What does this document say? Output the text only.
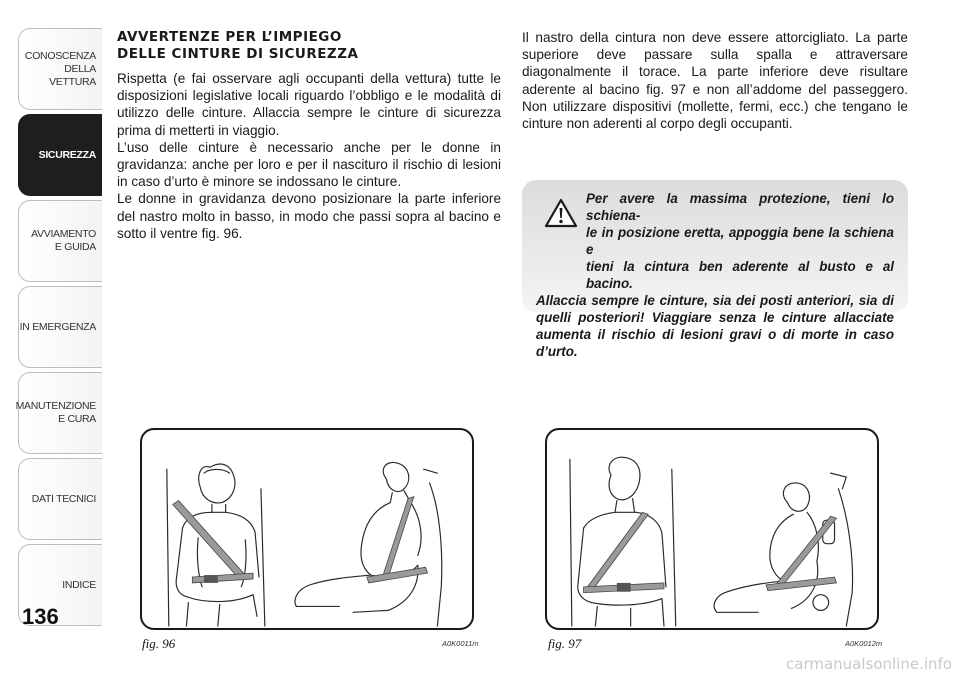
CONOSCENZA
DELLA
VETTURA
SICUREZZA
AVVIAMENTO
E GUIDA
IN EMERGENZA
MANUTENZIONE
E CURA
DATI TECNICI
INDICE
136
AVVERTENZE PER L’IMPIEGO
DELLE CINTURE DI SICUREZZA

Rispetta (e fai osservare agli occupanti della vettura) tutte le disposizioni legislative locali riguardo l’obbligo e le modalità di utilizzo delle cinture. Allaccia sempre le cinture di sicurezza prima di metterti in viaggio.

L’uso delle cinture è necessario anche per le donne in gravidanza: anche per loro e per il nascituro il rischio di lesioni in caso d’urto è minore se indossano le cinture.

Le donne in gravidanza devono posizionare la parte inferiore del nastro molto in basso, in modo che passi sopra al bacino e sotto il ventre fig. 96.

Il nastro della cintura non deve essere attorcigliato. La parte superiore deve passare sulla spalla e attraversare diagonalmente il torace. La parte inferiore deve risultare aderente al bacino fig. 97 e non all’addome del passeggero. Non utilizzare dispositivi (mollette, fermi, ecc.) che tengano le cinture non aderenti al corpo degli occupanti.

Per avere la massima protezione, tieni lo schiena-
le in posizione eretta, appoggia bene la schiena e
tieni la cintura ben aderente al busto e al bacino.
Allaccia sempre le cinture, sia dei posti anteriori, sia di quelli posteriori! Viaggiare senza le cinture allacciate aumenta il rischio di lesioni gravi o di morte in caso d’urto.
fig. 96	A0K0011m	fig. 97	A0K0012m
carmanualsonline.info
